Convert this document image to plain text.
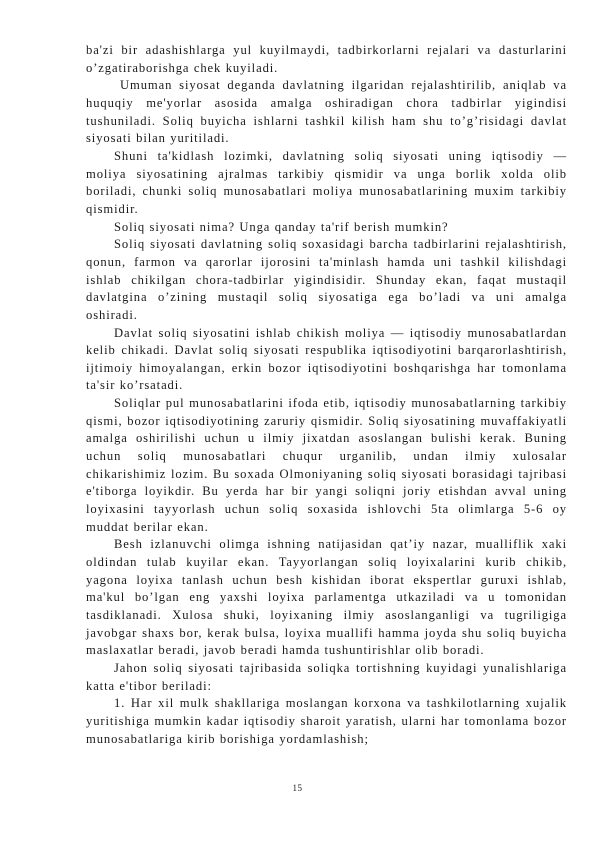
ba'zi bir adashishlarga yul kuyilmaydi, tadbirkorlarni rejalari va dasturlarini o’zgatiraborishga chek kuyiladi.

Umuman siyosat deganda davlatning ilgaridan rejalashtirilib, aniqlab va huquqiy me'yorlar asosida amalga oshiradigan chora tadbirlar yigindisi tushuniladi. Soliq buyicha ishlarni tashkil kilish ham shu to’g’risidagi davlat siyosati bilan yuritiladi.

Shuni ta'kidlash lozimki, davlatning soliq siyosati uning iqtisodiy — moliya siyosatining ajralmas tarkibiy qismidir va unga borlik xolda olib boriladi, chunki soliq munosabatlari moliya munosabatlarining muxim tarkibiy qismidir.

Soliq siyosati nima? Unga qanday ta'rif berish mumkin?

Soliq siyosati davlatning soliq soxasidagi barcha tadbirlarini rejalashtirish, qonun, farmon va qarorlar ijorosini ta'minlash hamda uni tashkil kilishdagi ishlab chikilgan chora-tadbirlar yigindisidir. Shunday ekan, faqat mustaqil davlatgina o’zining mustaqil soliq siyosatiga ega bo’ladi va uni amalga oshiradi.

Davlat soliq siyosatini ishlab chikish moliya — iqtisodiy munosabatlardan kelib chikadi. Davlat soliq siyosati respublika iqtisodiyotini barqarorlashtirish, ijtimoiy himoyalangan, erkin bozor iqtisodiyotini boshqarishga har tomonlama ta'sir ko’rsatadi.

Soliqlar pul munosabatlarini ifoda etib, iqtisodiy munosabatlarning tarkibiy qismi, bozor iqtisodiyotining zaruriy qismidir. Soliq siyosatining muvaffakiyatli amalga oshirilishi uchun u ilmiy jixatdan asoslangan bulishi kerak. Buning uchun soliq munosabatlari chuqur urganilib, undan ilmiy xulosalar chikarishimiz lozim. Bu soxada Olmoniyaning soliq siyosati borasidagi tajribasi e'tiborga loyikdir. Bu yerda har bir yangi soliqni joriy etishdan avval uning loyixasini tayyorlash uchun soliq soxasida ishlovchi 5ta olimlarga 5-6 oy muddat berilar ekan.

Besh izlanuvchi olimga ishning natijasidan qat’iy nazar, mualliflik xaki oldindan tulab kuyilar ekan. Tayyorlangan soliq loyixalarini kurib chikib, yagona loyixa tanlash uchun besh kishidan iborat ekspertlar guruxi ishlab, ma'kul bo’lgan eng yaxshi loyixa parlamentga utkaziladi va u tomonidan tasdiklanadi. Xulosa shuki, loyixaning ilmiy asoslanganligi va tugriligiga javobgar shaxs bor, kerak bulsa, loyixa muallifi hamma joyda shu soliq buyicha maslaxatlar beradi, javob beradi hamda tushuntirishlar olib boradi.

Jahon soliq siyosati tajribasida soliqka tortishning kuyidagi yunalishlariga katta e'tibor beriladi:

1. Har xil mulk shakllariga moslangan korxona va tashkilotlarning xujalik yuritishiga mumkin kadar iqtisodiy sharoit yaratish, ularni har tomonlama bozor munosabatlariga kirib borishiga yordamlashish;

15
